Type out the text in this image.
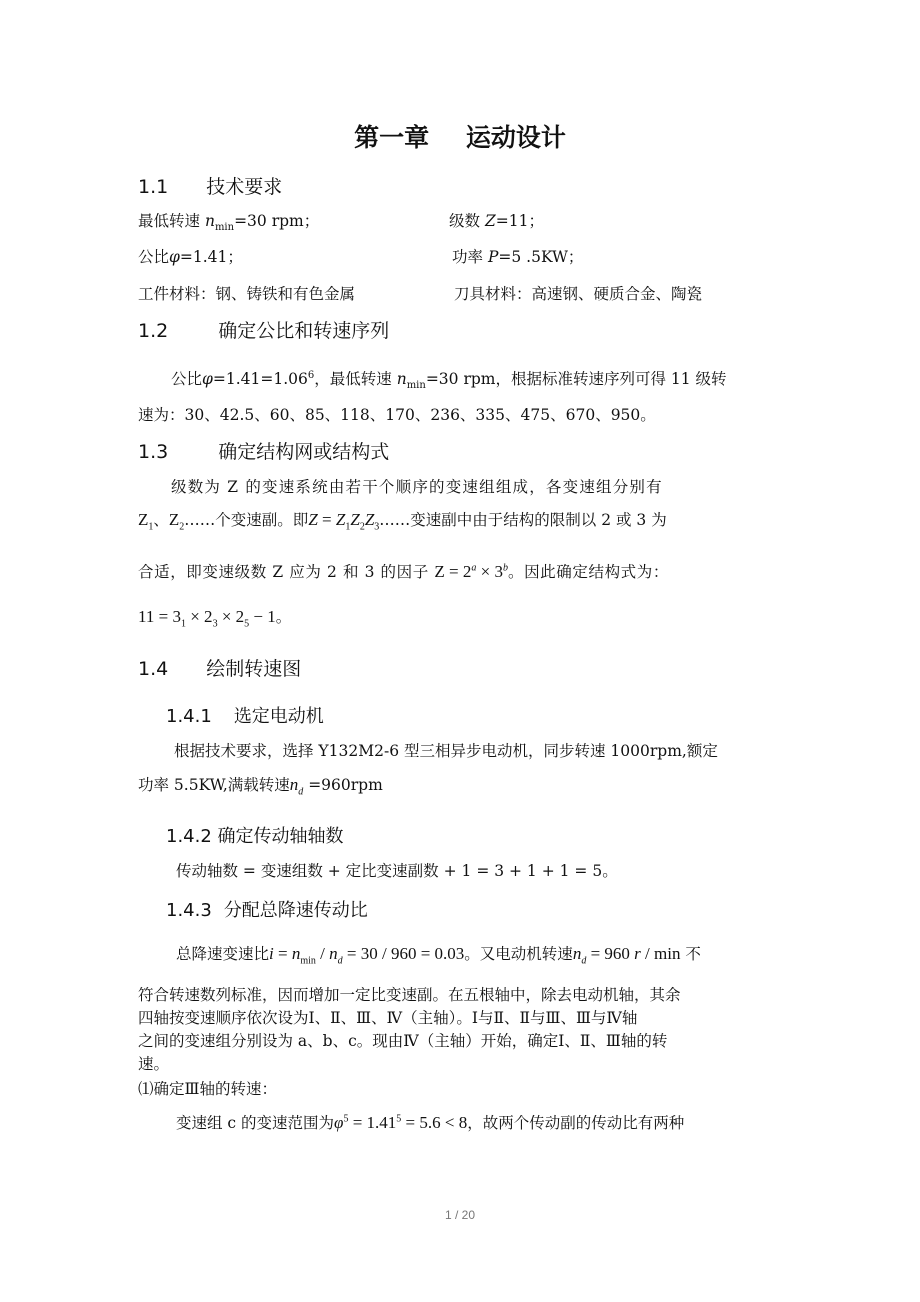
第一章 运动设计
1.1 技术要求
最低转速 $n_{min}=30$ rpm；	级数 Z=11；
公比φ=1.41；	功率 P=5 .5KW；
工件材料：钢、铸铁和有色金属	刀具材料：高速钢、硬质合金、陶瓷
1.2	确定公比和转速序列
公比$\varphi=1.41=1.06^6$，最低转速 $n_{min}=30$ rpm，根据标准转速序列可得 11 级转
速为：30、42.5、60、85、118、170、236、335、475、670、950。
1.3	确定结构网或结构式
级数为 Z 的变速系统由若干个顺序的变速组组成，各变速组分别有
$Z_1$、$Z_2\dots\dots$个变速副。即$Z = Z_1Z_2Z_3\dots\dots$变速副中由于结构的限制以 2 或 3 为
合适，即变速级数 Z 应为 2 和 3 的因子 $Z = 2^a \times 3^b$。因此确定结构式为：
$11 = 3_1 \times 2_3 \times 2_5 - 1$。
1.4 绘制转速图
1.4.1 选定电动机
根据技术要求，选择 Y132M2-6 型三相异步电动机，同步转速 1000rpm,额定
功率 5.5KW,满载转速$n_d =960rpm$
1.4.2 确定传动轴轴数
传动轴数 = 变速组数 + 定比变速副数 + 1 = 3 + 1 + 1 = 5。
1.4.3 分配总降速传动比
总降速变速比$i = n_{min} / n_d = 30 / 960 = 0.03$。又电动机转速$n_d = 960$ r / min 不
符合转速数列标准，因而增加一定比变速副。在五根轴中，除去电动机轴，其余
四轴按变速顺序依次设为Ⅰ、Ⅱ、Ⅲ、Ⅳ（主轴）。Ⅰ与Ⅱ、Ⅱ与Ⅲ、Ⅲ与Ⅳ轴
之间的变速组分别设为 a、b、c。现由Ⅳ（主轴）开始，确定Ⅰ、Ⅱ、Ⅲ轴的转
速。
⑴确定Ⅲ轴的转速：
变速组 c 的变速范围为$\varphi^5 = 1.41^5 = 5.6 < 8$，故两个传动副的传动比有两种
1 / 20
